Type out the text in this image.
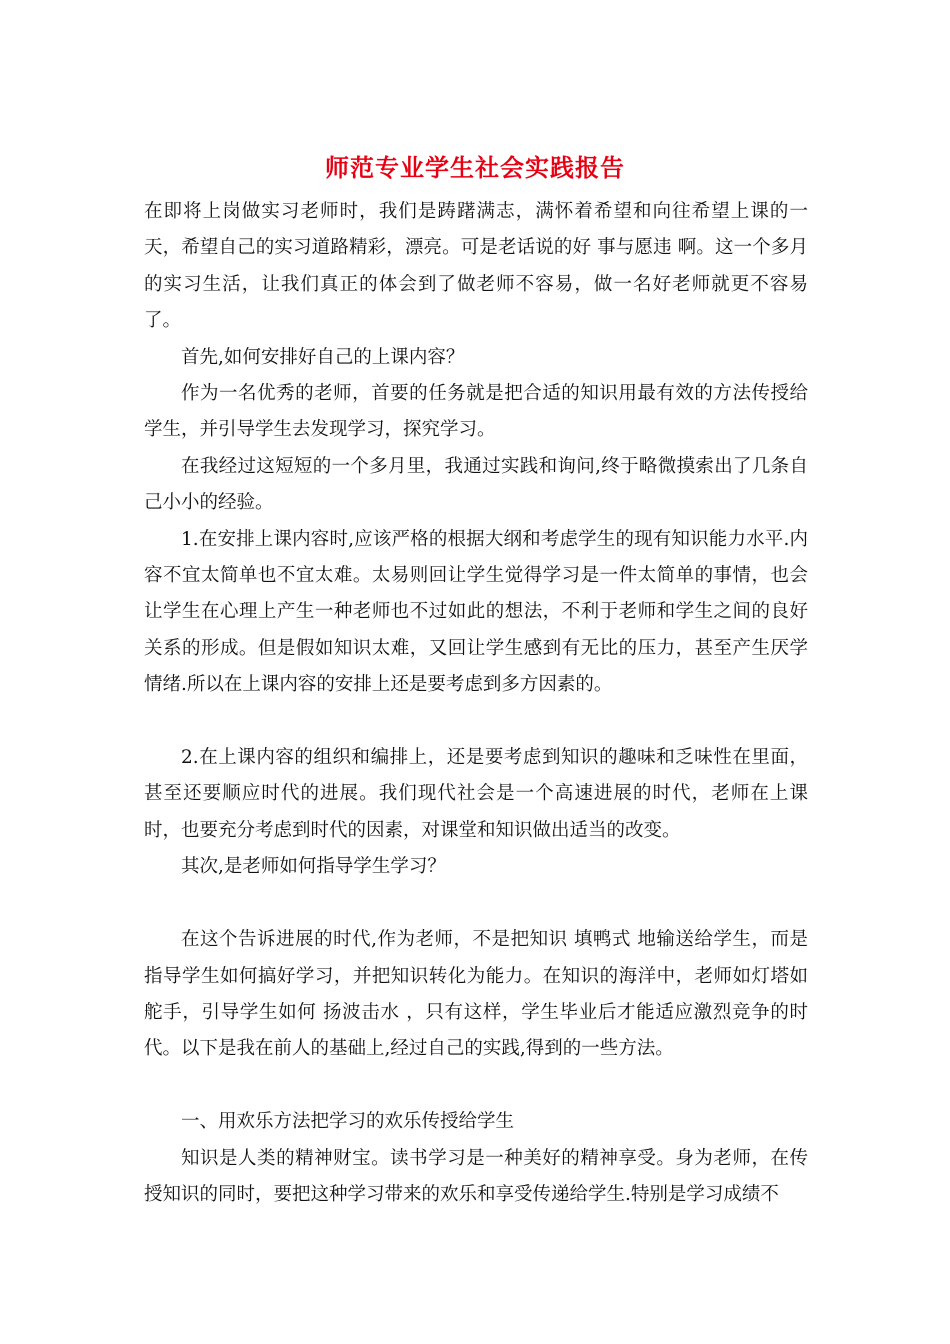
师范专业学生社会实践报告

在即将上岗做实习老师时，我们是踌躇满志，满怀着希望和向往希望上课的一天，希望自己的实习道路精彩，漂亮。可是老话说的好 事与愿违 啊。这一个多月的实习生活，让我们真正的体会到了做老师不容易，做一名好老师就更不容易了。

首先,如何安排好自己的上课内容？

作为一名优秀的老师，首要的任务就是把合适的知识用最有效的方法传授给学生，并引导学生去发现学习，探究学习。

在我经过这短短的一个多月里，我通过实践和询问,终于略微摸索出了几条自己小小的经验。

1.在安排上课内容时,应该严格的根据大纲和考虑学生的现有知识能力水平.内容不宜太简单也不宜太难。太易则回让学生觉得学习是一件太简单的事情，也会让学生在心理上产生一种老师也不过如此的想法，不利于老师和学生之间的良好关系的形成。但是假如知识太难，又回让学生感到有无比的压力，甚至产生厌学情绪.所以在上课内容的安排上还是要考虑到多方因素的。

2.在上课内容的组织和编排上，还是要考虑到知识的趣味和乏味性在里面，甚至还要顺应时代的进展。我们现代社会是一个高速进展的时代，老师在上课时，也要充分考虑到时代的因素，对课堂和知识做出适当的改变。

其次,是老师如何指导学生学习？

在这个告诉进展的时代,作为老师，不是把知识 填鸭式 地输送给学生，而是指导学生如何搞好学习，并把知识转化为能力。在知识的海洋中，老师如灯塔如舵手，引导学生如何 扬波击水 ，只有这样，学生毕业后才能适应激烈竞争的时代。以下是我在前人的基础上,经过自己的实践,得到的一些方法。

一、用欢乐方法把学习的欢乐传授给学生

知识是人类的精神财宝。读书学习是一种美好的精神享受。身为老师，在传授知识的同时，要把这种学习带来的欢乐和享受传递给学生.特别是学习成绩不
